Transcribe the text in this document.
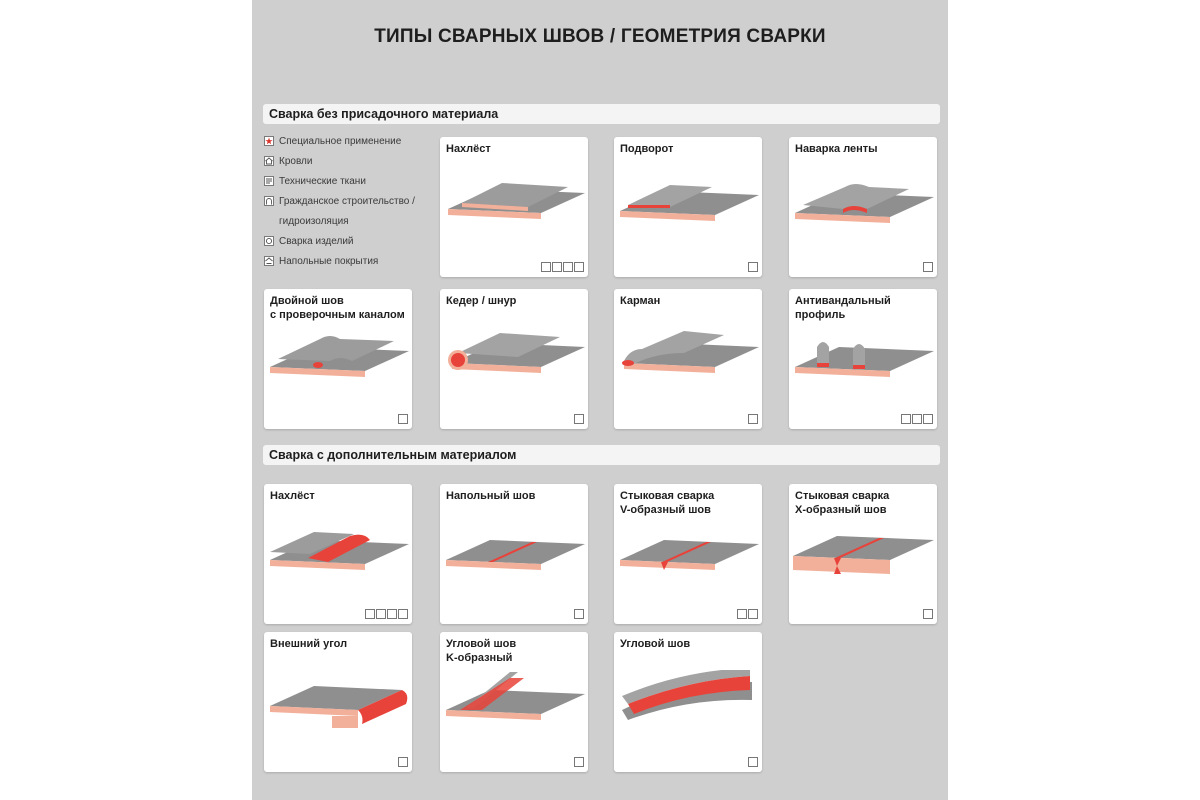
ТИПЫ СВАРНЫХ ШВОВ / ГЕОМЕТРИЯ СВАРКИ
Сварка без присадочного материала
Специальное применение
Кровли
Технические ткани
Гражданское строительство /
гидроизоляция
Сварка изделий
Напольные покрытия
Нахлёст	Подворот	Наварка ленты
Двойной шов
с проверочным каналом
Кедер / шнур	Карман	Антивандальный профиль
Сварка с дополнительным материалом
Нахлёст	Напольный шов	Стыковая сварка
V-образный шов
Стыковая сварка
X-образный шов
Внешний угол	Угловой шов
K-образный
Угловой шов
